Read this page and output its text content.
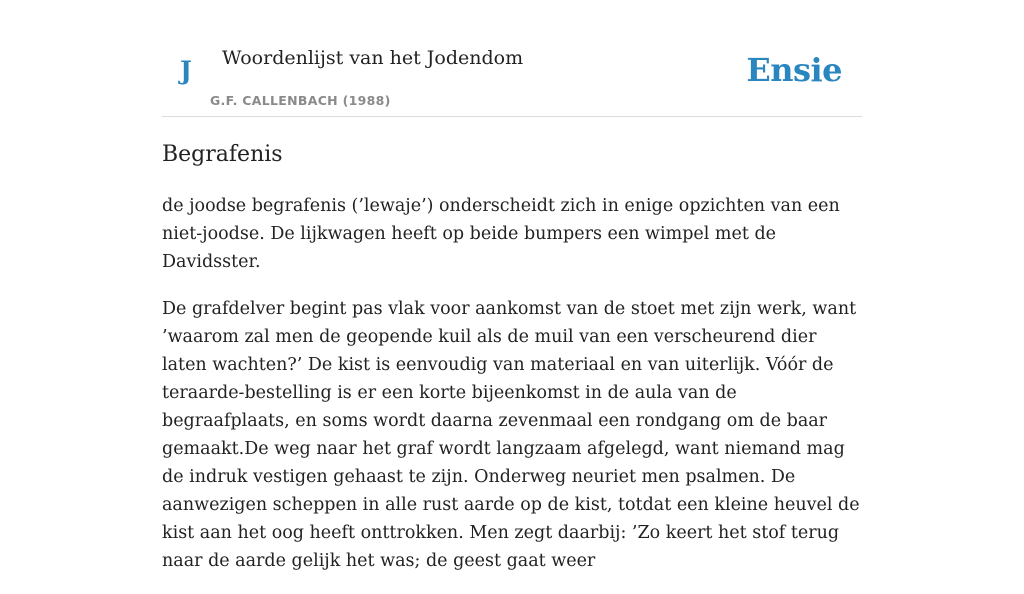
J Woordenlijst van het Jodendom
G.F. CALLENBACH (1988)
Ensie
Begrafenis

de joodse begrafenis (’lewaje’) onderscheidt zich in enige opzichten van een niet-joodse. De lijkwagen heeft op beide bumpers een wimpel met de Davidsster.

De grafdelver begint pas vlak voor aankomst van de stoet met zijn werk, want ’waarom zal men de geopende kuil als de muil van een verscheurend dier laten wachten?’ De kist is eenvoudig van materiaal en van uiterlijk. Vóór de teraarde-bestelling is er een korte bijeenkomst in de aula van de begraafplaats, en soms wordt daarna zevenmaal een rondgang om de baar gemaakt.De weg naar het graf wordt langzaam afgelegd, want niemand mag de indruk vestigen gehaast te zijn. Onderweg neuriet men psalmen. De aanwezigen scheppen in alle rust aarde op de kist, totdat een kleine heuvel de kist aan het oog heeft onttrokken. Men zegt daarbij: ’Zo keert het stof terug naar de aarde gelijk het was; de geest gaat weer
